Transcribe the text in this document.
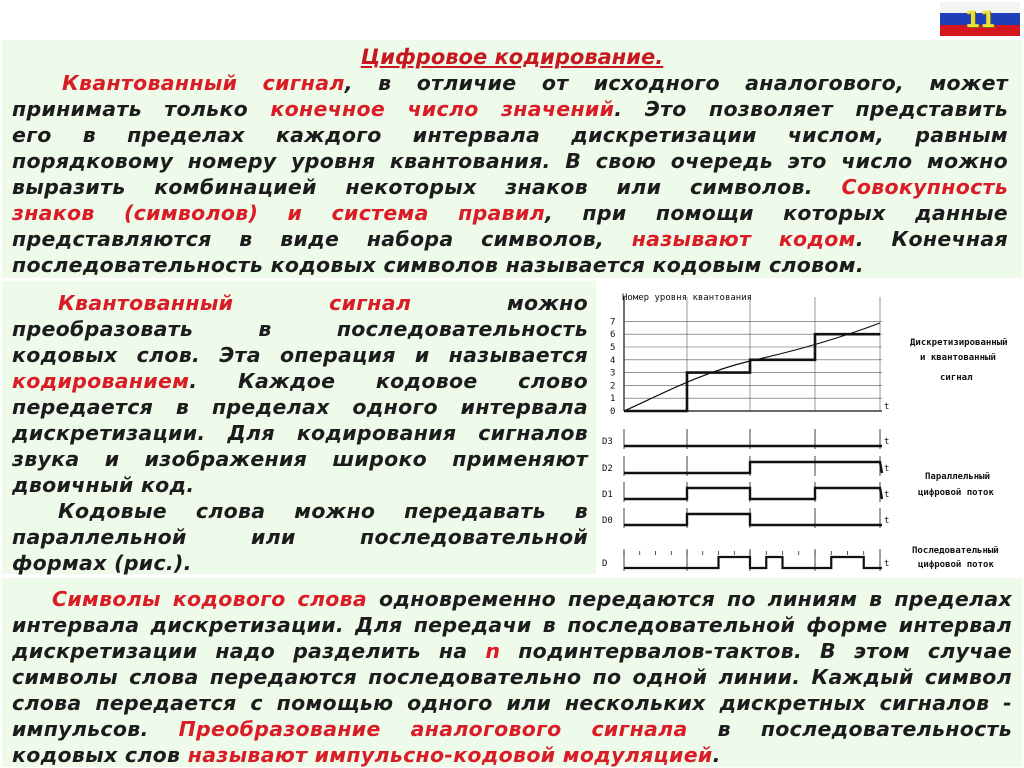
11
Цифровое кодирование.
Квантованный сигнал, в отличие от исходного аналогового, может
принимать только конечное число значений. Это позволяет представить
его в пределах каждого интервала дискретизации числом, равным
порядковому номеру уровня квантования. В свою очередь это число можно
выразить комбинацией некоторых знаков или символов. Совокупность
знаков (символов) и система правил, при помощи которых данные
представляются в виде набора символов, называют кодом. Конечная
последовательность кодовых символов называется кодовым словом.
Квантованный сигнал можно
преобразовать в последовательность
кодовых слов. Эта операция и называется
кодированием. Каждое кодовое слово
передается в пределах одного интервала
дискретизации. Для кодирования сигналов
звука и изображения широко применяют
двоичный код.
Кодовые слова можно передавать в
параллельной или последовательной
формах (рис.).
Символы кодового слова одновременно передаются по линиям в пределах
интервала дискретизации. Для передачи в последовательной форме интервал
дискретизации надо разделить на n подинтервалов-тактов. В этом случае
символы слова передаются последовательно по одной линии. Каждый символ
слова передается с помощью одного или нескольких дискретных сигналов -
импульсов. Преобразование аналогового сигнала в последовательность
кодовых слов называют импульсно-кодовой модуляцией.
Номер уровня квантования
0
1
2
3
4
5
6
7
t
D3	t
D2	t
D1	t
D0	t
D	t
Дискретизированный
и квантованный
сигнал
Параллельный
цифровой поток
Последовательный
цифровой поток
